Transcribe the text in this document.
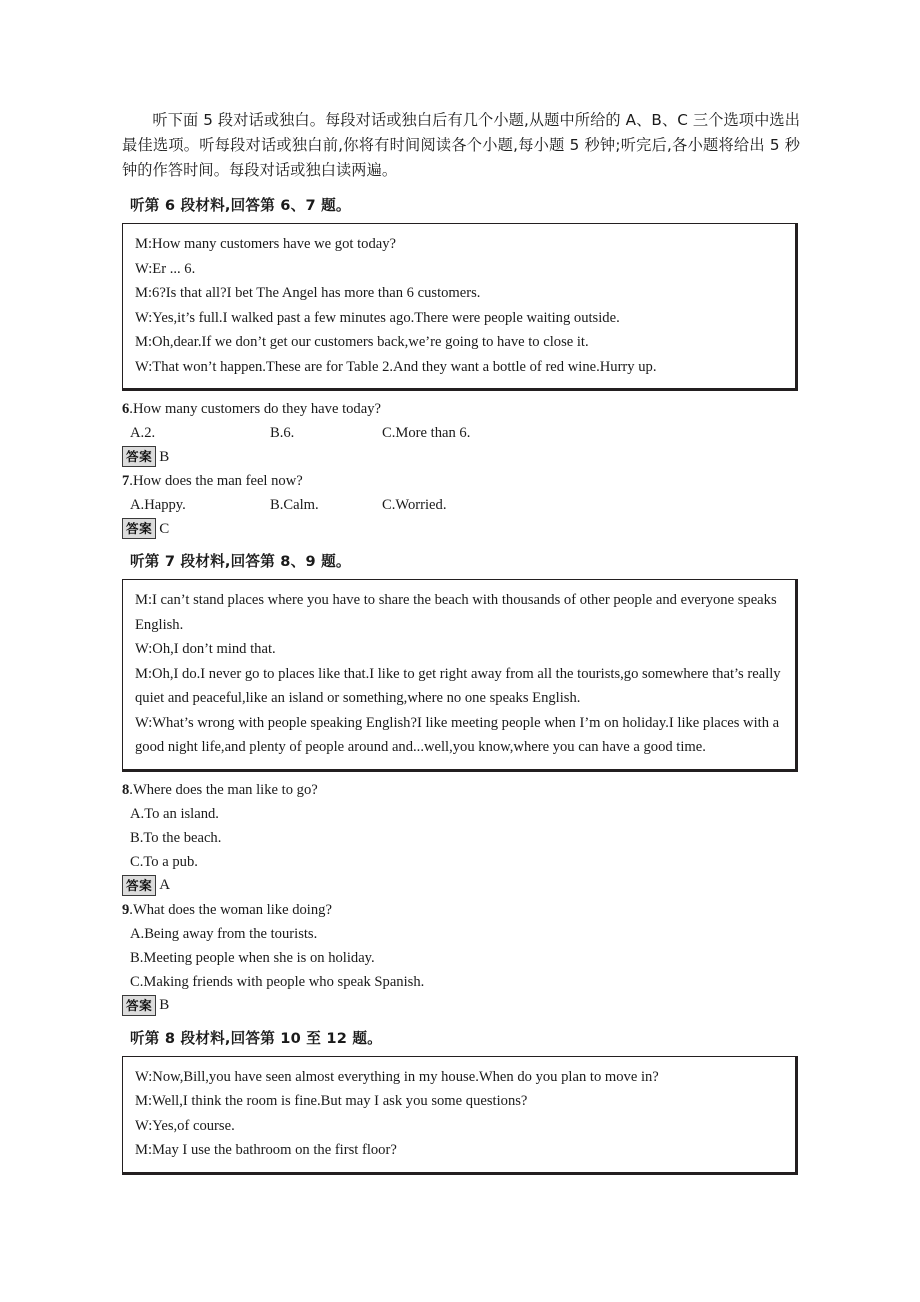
听下面 5 段对话或独白。每段对话或独白后有几个小题,从题中所给的 A、B、C 三个选项中选出最佳选项。听每段对话或独白前,你将有时间阅读各个小题,每小题 5 秒钟;听完后,各小题将给出 5 秒钟的作答时间。每段对话或独白读两遍。

听第 6 段材料,回答第 6、7 题。

M:How many customers have we got today?

W:Er ... 6.

M:6?Is that all?I bet The Angel has more than 6 customers.

W:Yes,it’s full.I walked past a few minutes ago.There were people waiting outside.

M:Oh,dear.If we don’t get our customers back,we’re going to have to close it.

W:That won’t happen.These are for Table 2.And they want a bottle of red wine.Hurry up.

6.How many customers do they have today?

A.2.	B.6.	C.More than 6.
答案 B

7.How does the man feel now?

A.Happy.	B.Calm.	C.Worried.
答案 C
听第 7 段材料,回答第 8、9 题。

M:I can’t stand places where you have to share the beach with thousands of other people and everyone speaks English.

W:Oh,I don’t mind that.

M:Oh,I do.I never go to places like that.I like to get right away from all the tourists,go somewhere that’s really quiet and peaceful,like an island or something,where no one speaks English.

W:What’s wrong with people speaking English?I like meeting people when I’m on holiday.I like places with a good night life,and plenty of people around and...well,you know,where you can have a good time.

8.Where does the man like to go?

A.To an island.
B.To the beach.
C.To a pub.
答案 A

9.What does the woman like doing?

A.Being away from the tourists.
B.Meeting people when she is on holiday.
C.Making friends with people who speak Spanish.
答案 B
听第 8 段材料,回答第 10 至 12 题。

W:Now,Bill,you have seen almost everything in my house.When do you plan to move in?

M:Well,I think the room is fine.But may I ask you some questions?

W:Yes,of course.

M:May I use the bathroom on the first floor?
